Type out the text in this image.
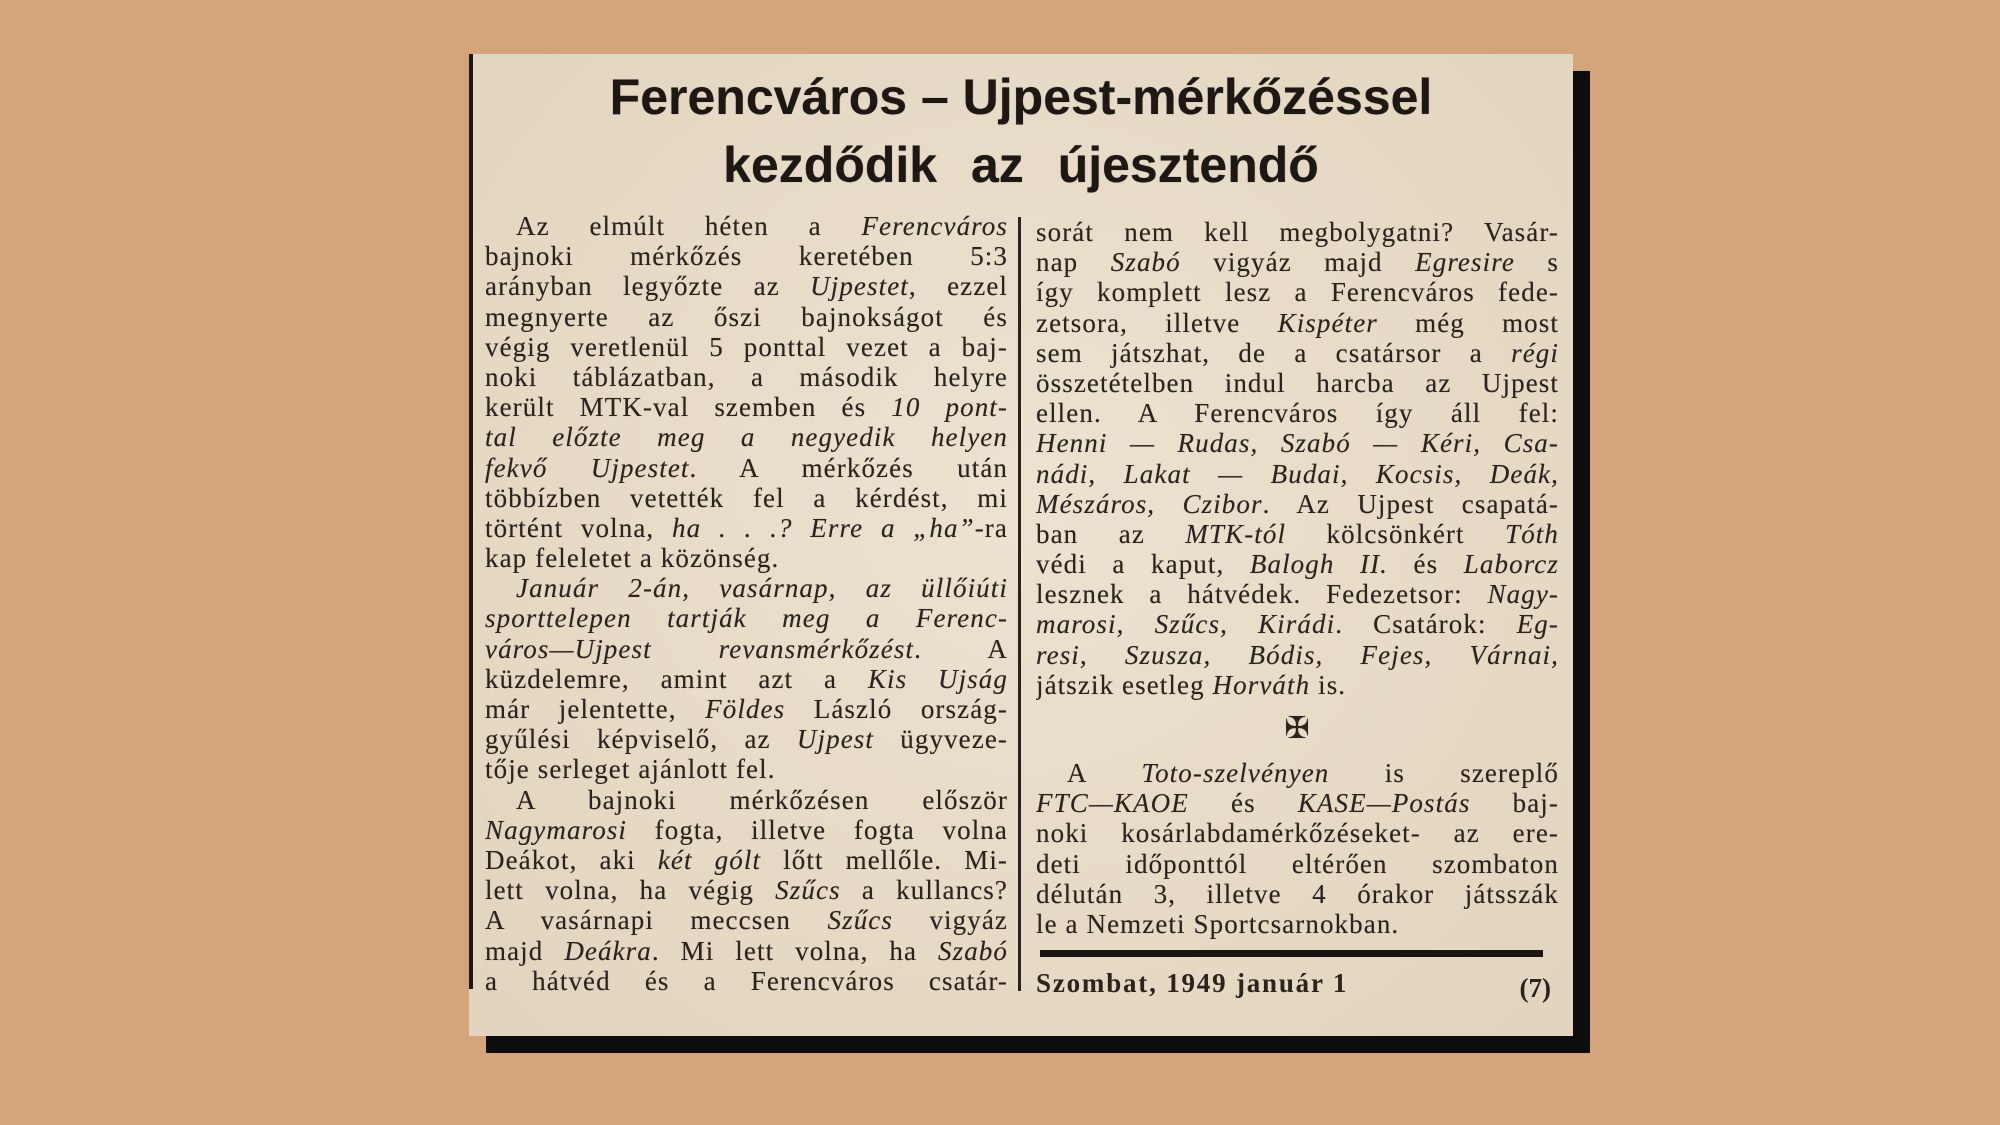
Ferencváros – Ujpest-mérkőzéssel
kezdődik az újesztendő
Az elmúlt héten a Ferencváros
bajnoki mérkőzés keretében 5:3
arányban legyőzte az Ujpestet, ezzel
megnyerte az őszi bajnokságot és
végig veretlenül 5 ponttal vezet a baj-
noki táblázatban, a második helyre
került MTK-val szemben és 10 pont-
tal előzte meg a negyedik helyen
fekvő Ujpestet. A mérkőzés után
többízben vetették fel a kérdést, mi
történt volna, ha . . .? Erre a „ha”-ra
kap feleletet a közönség.
Január 2-án, vasárnap, az üllőiúti
sporttelepen tartják meg a Ferenc-
város—Ujpest revansmérkőzést. A
küzdelemre, amint azt a Kis Ujság
már jelentette, Földes László ország-
gyűlési képviselő, az Ujpest ügyveze-
tője serleget ajánlott fel.
A bajnoki mérkőzésen először
Nagymarosi fogta, illetve fogta volna
Deákot, aki két gólt lőtt mellőle. Mi-
lett volna, ha végig Szűcs a kullancs?
A vasárnapi meccsen Szűcs vigyáz
majd Deákra. Mi lett volna, ha Szabó
a hátvéd és a Ferencváros csatár-
sorát nem kell megbolygatni? Vasár-
nap Szabó vigyáz majd Egresire s
így komplett lesz a Ferencváros fede-
zetsora, illetve Kispéter még most
sem játszhat, de a csatársor a régi
összetételben indul harcba az Ujpest
ellen. A Ferencváros így áll fel:
Henni — Rudas, Szabó — Kéri, Csa-
nádi, Lakat — Budai, Kocsis, Deák,
Mészáros, Czibor. Az Ujpest csapatá-
ban az MTK-tól kölcsönkért Tóth
védi a kaput, Balogh II. és Laborcz
lesznek a hátvédek. Fedezetsor: Nagy-
marosi, Szűcs, Kirádi. Csatárok: Eg-
resi, Szusza, Bódis, Fejes, Várnai,
játszik esetleg Horváth is.
✠
A Toto-szelvényen is szereplő
FTC—KAOE és KASE—Postás baj-
noki kosárlabdamérkőzéseket- az ere-
deti időponttól eltérően szombaton
délután 3, illetve 4 órakor játsszák
le a Nemzeti Sportcsarnokban.
Szombat, 1949 január 1	(7)
